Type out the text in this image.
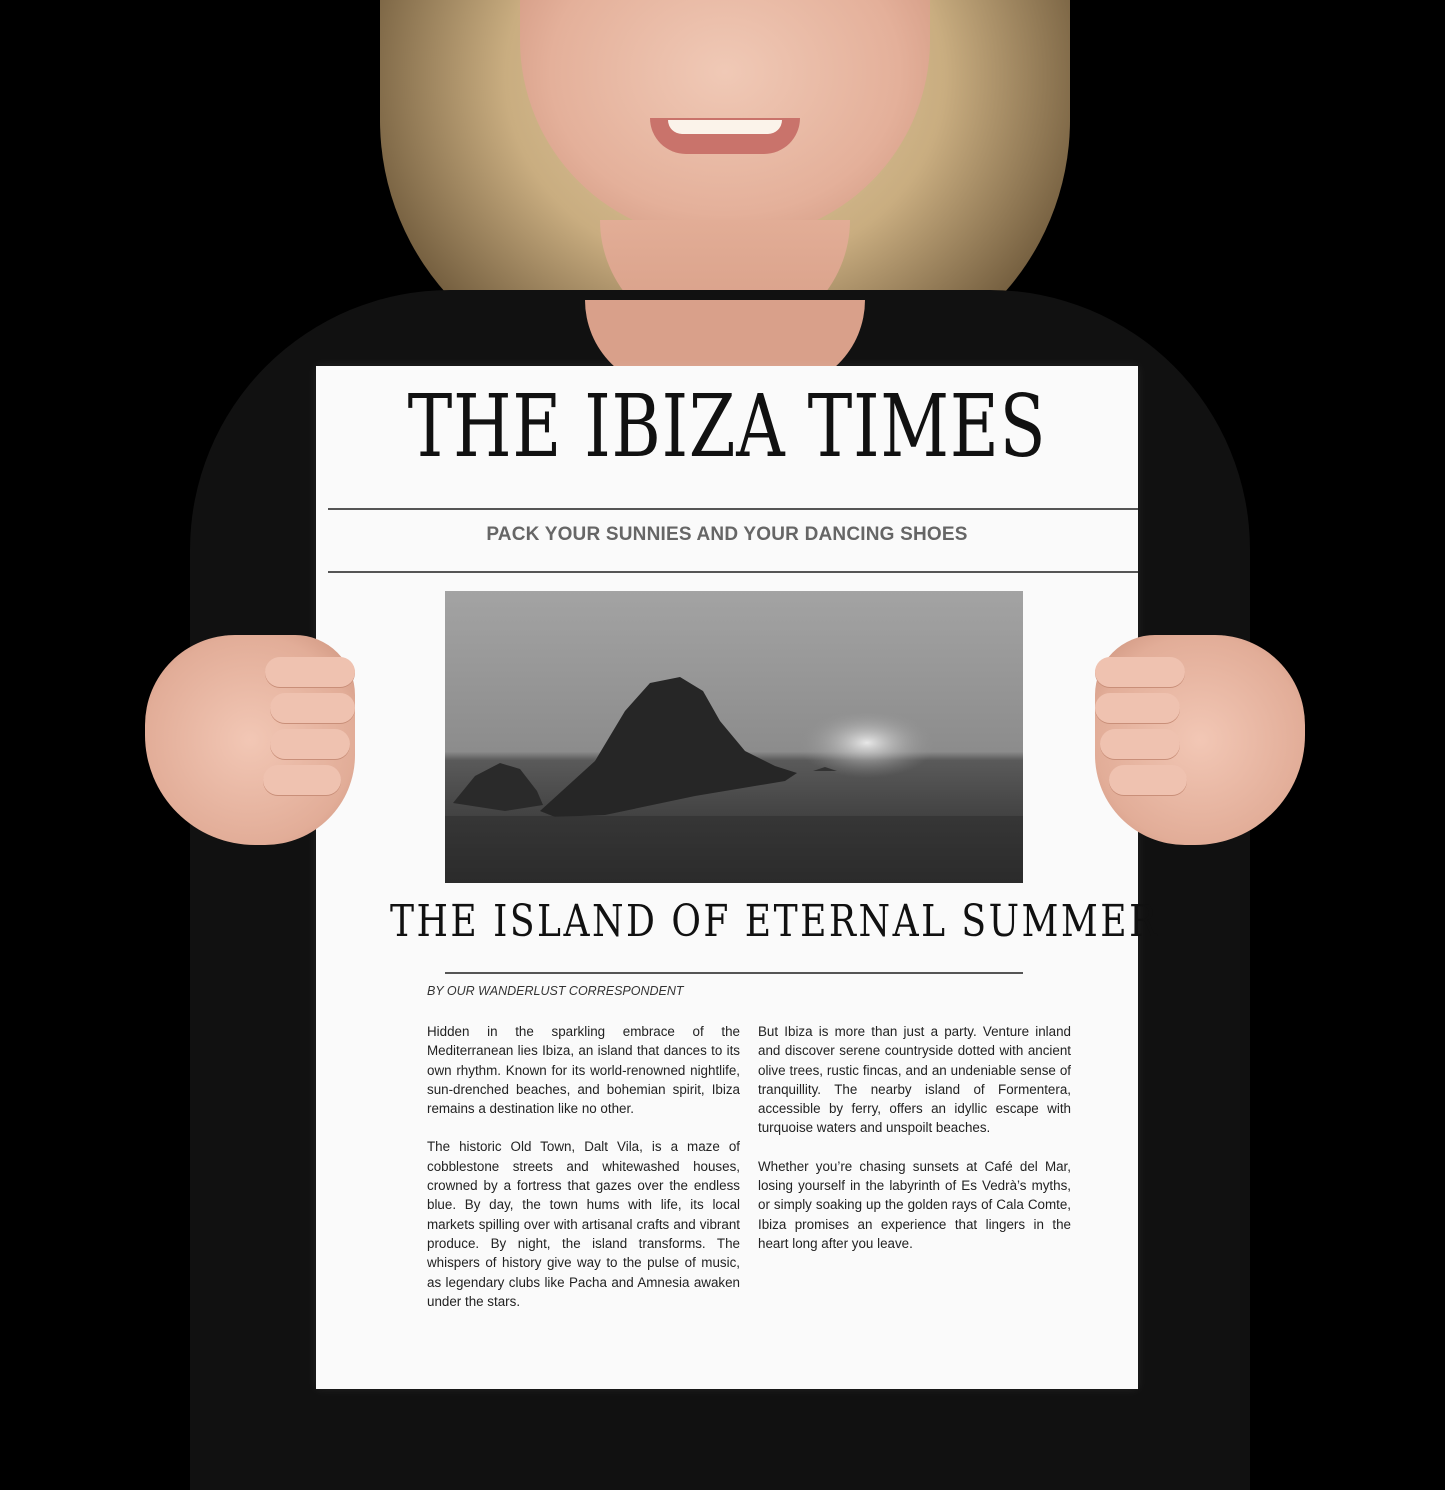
THE IBIZA TIMES
PACK YOUR SUNNIES AND YOUR DANCING SHOES
THE ISLAND OF ETERNAL SUMMER
BY OUR WANDERLUST CORRESPONDENT

Hidden in the sparkling embrace of the Mediterranean lies Ibiza, an island that dances to its own rhythm. Known for its world-renowned nightlife, sun-drenched beaches, and bohemian spirit, Ibiza remains a destination like no other.

The historic Old Town, Dalt Vila, is a maze of cobblestone streets and whitewashed houses, crowned by a fortress that gazes over the endless blue. By day, the town hums with life, its local markets spilling over with artisanal crafts and vibrant produce. By night, the island transforms. The whispers of history give way to the pulse of music, as legendary clubs like Pacha and Amnesia awaken under the stars.

But Ibiza is more than just a party. Venture inland and discover serene countryside dotted with ancient olive trees, rustic fincas, and an undeniable sense of tranquillity. The nearby island of Formentera, accessible by ferry, offers an idyllic escape with turquoise waters and unspoilt beaches.

Whether you’re chasing sunsets at Café del Mar, losing yourself in the labyrinth of Es Vedrà’s myths, or simply soaking up the golden rays of Cala Comte, Ibiza promises an experience that lingers in the heart long after you leave.
